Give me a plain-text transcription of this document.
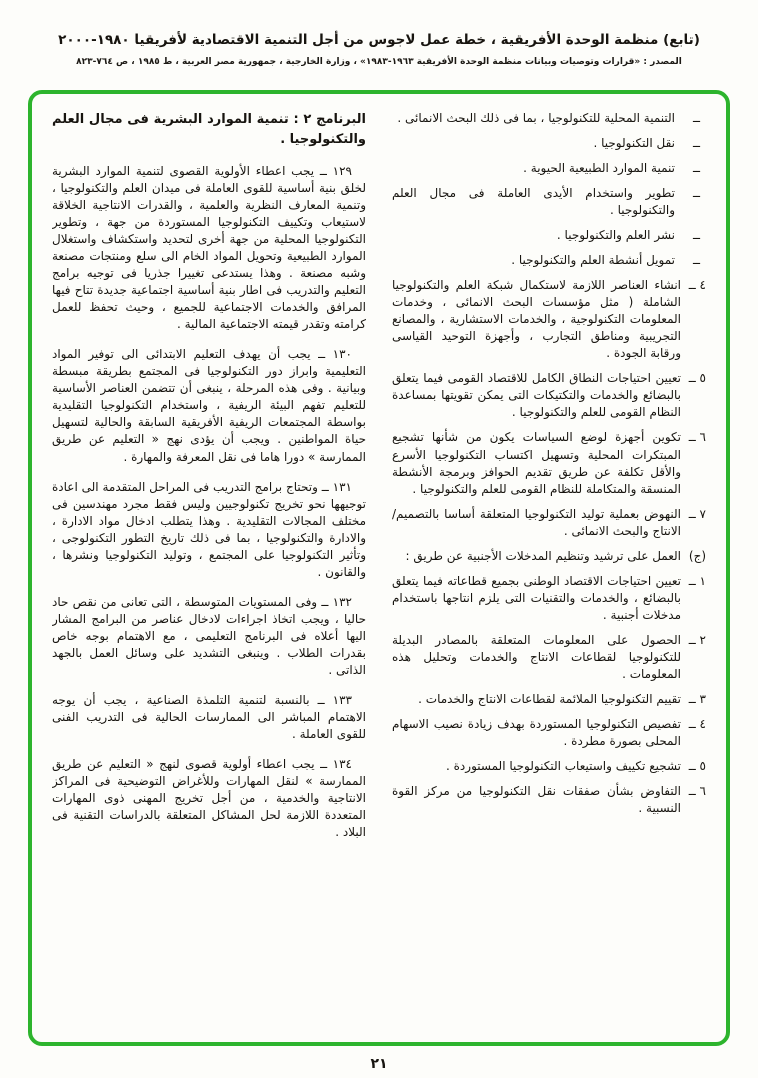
(تابع) منظمة الوحدة الأفريقية ، خطة عمل لاجوس من أجل التنمية الاقتصادية لأفريقيا ١٩٨٠-٢٠٠٠
المصدر : «قرارات وتوصيات وبيانات منظمة الوحدة الأفريقية ١٩٦٣-١٩٨٣» ، وزارة الخارجية ، جمهورية مصر العربية ، ط ١٩٨٥ ، ص ٧٦٤-٨٢٣
ــ
التنمية المحلية للتكنولوجيا ، بما فى ذلك البحث الانمائى .
ــ
نقل التكنولوجيا .
ــ
تنمية الموارد الطبيعية الحيوية .
ــ
تطوير واستخدام الأيدى العاملة فى مجال العلم والتكنولوجيا .
ــ
نشر العلم والتكنولوجيا .
ــ
تمويل أنشطة العلم والتكنولوجيا .
٤ ــ
انشاء العناصر اللازمة لاستكمال شبكة العلم والتكنولوجيا الشاملة ( مثل مؤسسات البحث الانمائى ، وخدمات المعلومات التكنولوجية ، والخدمات الاستشارية ، والمصانع التجريبية ومناطق التجارب ، وأجهزة التوحيد القياسى ورقابة الجودة .
٥ ــ
تعيين احتياجات النطاق الكامل للاقتصاد القومى فيما يتعلق بالبضائع والخدمات والتكتيكات التى يمكن تقويتها بمساعدة النظام القومى للعلم والتكنولوجيا .
٦ ــ
تكوين أجهزة لوضع السياسات يكون من شأنها تشجيع المبتكرات المحلية وتسهيل اكتساب التكنولوجيا الأسرع والأقل تكلفة عن طريق تقديم الحوافز وبرمجة الأنشطة المنسقة والمتكاملة للنظام القومى للعلم والتكنولوجيا .
٧ ــ
النهوض بعملية توليد التكنولوجيا المتعلقة أساسا بالتصميم/الانتاج والبحث الانمائى .
(ج)
العمل على ترشيد وتنظيم المدخلات الأجنبية عن طريق :
١ ــ
تعيين احتياجات الاقتصاد الوطنى بجميع قطاعاته فيما يتعلق بالبضائع ، والخدمات والتقنيات التى يلزم انتاجها باستخدام مدخلات أجنبية .
٢ ــ
الحصول على المعلومات المتعلقة بالمصادر البديلة للتكنولوجيا لقطاعات الانتاج والخدمات وتحليل هذه المعلومات .
٣ ــ
تقييم التكنولوجيا الملائمة لقطاعات الانتاج والخدمات .
٤ ــ
تفصيص التكنولوجيا المستوردة بهدف زيادة نصيب الاسهام المحلى بصورة مطردة .
٥ ــ
تشجيع تكييف واستيعاب التكنولوجيا المستوردة .
٦ ــ
التفاوض بشأن صفقات نقل التكنولوجيا من مركز القوة النسبية .
البرنامج ٢ : تنمية الموارد البشرية فى مجال العلم والتكنولوجيا .

١٢٩ ــ يجب اعطاء الأولوية القصوى لتنمية الموارد البشرية لخلق بنية أساسية للقوى العاملة فى ميدان العلم والتكنولوجيا ، وتنمية المعارف النظرية والعلمية ، والقدرات الانتاجية الخلاقة لاستيعاب وتكييف التكنولوجيا المستوردة من جهة ، وتطوير التكنولوجيا المحلية من جهة أخرى لتحديد واستكشاف واستغلال الموارد الطبيعية وتحويل المواد الخام الى سلع ومنتجات مصنعة وشبه مصنعة . وهذا يستدعى تغييرا جذريا فى توجيه برامج التعليم والتدريب فى اطار بنية أساسية اجتماعية جديدة تتاح فيها المرافق والخدمات الاجتماعية للجميع ، وحيث تحفظ للعمل كرامته وتقدر قيمته الاجتماعية المالية .

١٣٠ ــ يجب أن يهدف التعليم الابتدائى الى توفير المواد التعليمية وابراز دور التكنولوجيا فى المجتمع بطريقة مبسطة وبيانية . وفى هذه المرحلة ، ينبغى أن تتضمن العناصر الأساسية للتعليم تفهم البيئة الريفية ، واستخدام التكنولوجيا التقليدية بواسطة المجتمعات الريفية الأفريقية السابقة والحالية لتسهيل حياة المواطنين . ويجب أن يؤدى نهج « التعليم عن طريق الممارسة » دورا هاما فى نقل المعرفة والمهارة .

١٣١ ــ وتحتاج برامج التدريب فى المراحل المتقدمة الى اعادة توجيهها نحو تخريج تكنولوجيين وليس فقط مجرد مهندسين فى مختلف المجالات التقليدية . وهذا يتطلب ادخال مواد الادارة ، والادارة والتكنولوجيا ، بما فى ذلك تاريخ التطور التكنولوجى ، وتأثير التكنولوجيا على المجتمع ، وتوليد التكنولوجيا ونشرها ، والقانون .

١٣٢ ــ وفى المستويات المتوسطة ، التى تعانى من نقص حاد حاليا ، ويجب اتخاذ اجراءات لادخال عناصر من البرامج المشار اليها أعلاه فى البرنامج التعليمى ، مع الاهتمام بوجه خاص بقدرات الطلاب . وينبغى التشديد على وسائل العمل بالجهد الذاتى .

١٣٣ ــ بالنسبة لتنمية التلمذة الصناعية ، يجب أن يوجه الاهتمام المباشر الى الممارسات الحالية فى التدريب الفنى للقوى العاملة .

١٣٤ ــ يجب اعطاء أولوية قصوى لنهج « التعليم عن طريق الممارسة » لنقل المهارات وللأغراض التوضيحية فى المراكز الانتاجية والخدمية ، من أجل تخريج المهنى ذوى المهارات المتعددة اللازمة لحل المشاكل المتعلقة بالدراسات التقنية فى البلاد .

٢١
